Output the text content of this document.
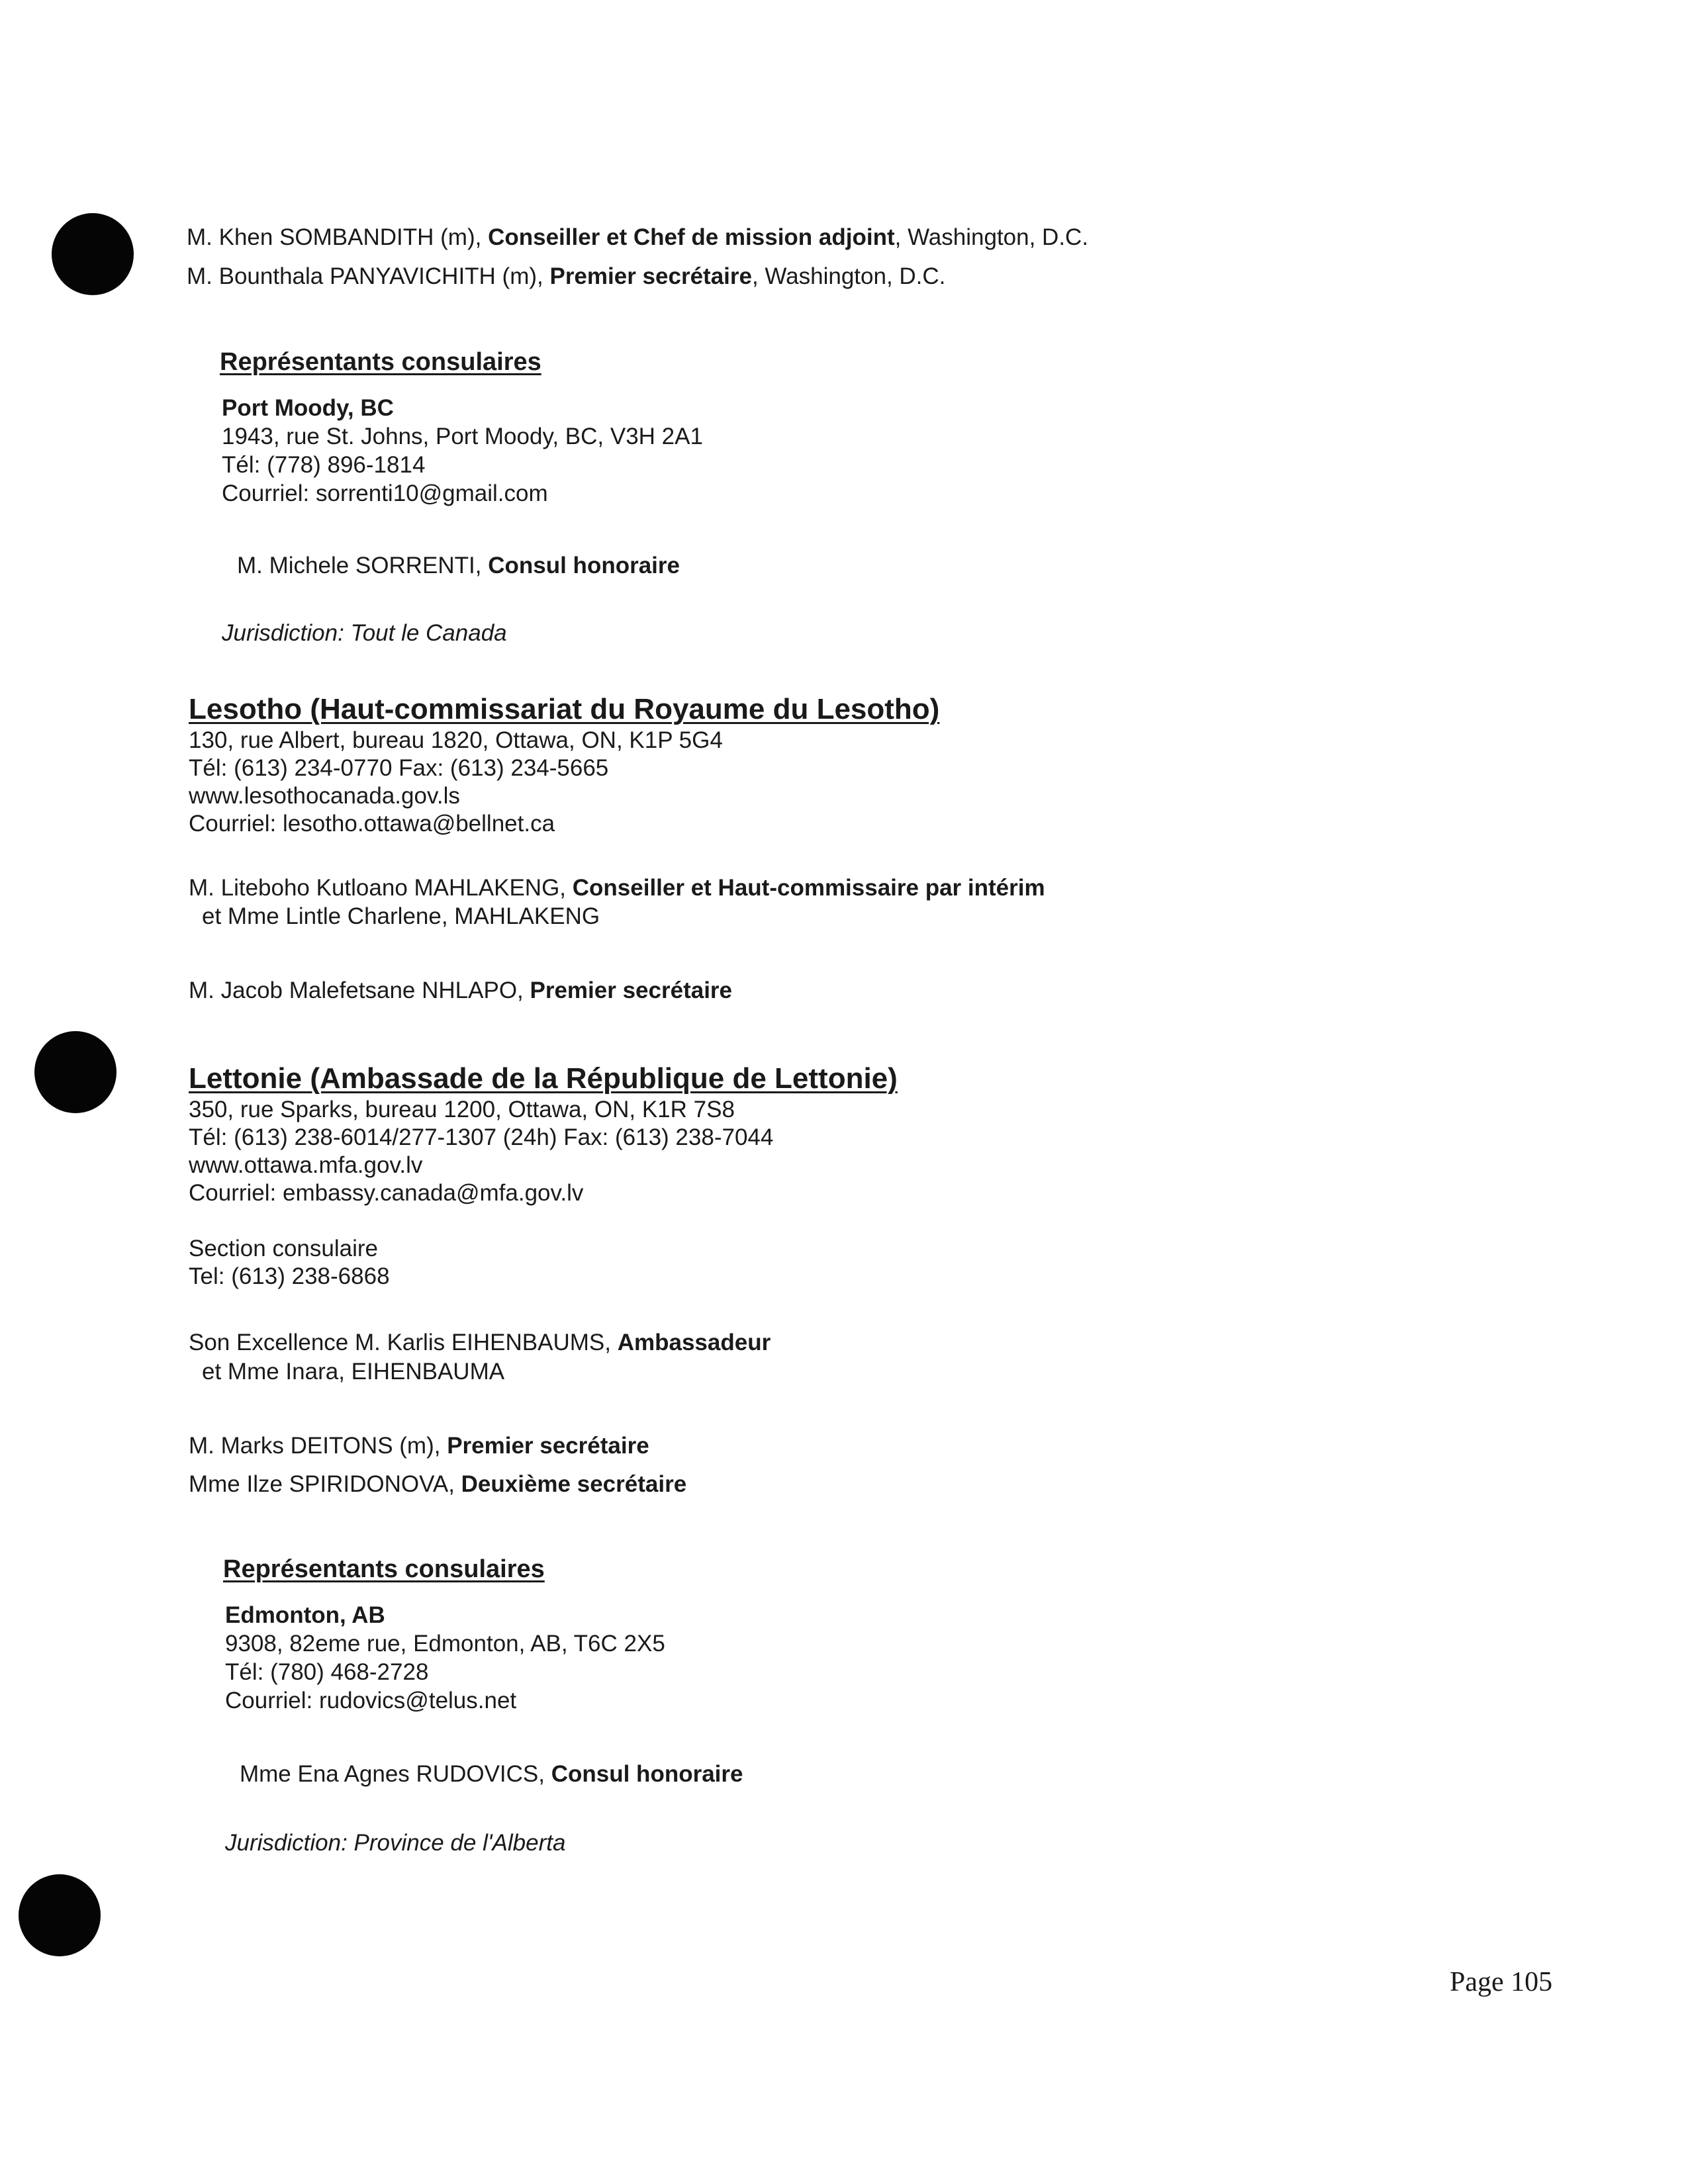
M. Khen SOMBANDITH (m), Conseiller et Chef de mission adjoint, Washington, D.C.
M. Bounthala PANYAVICHITH (m), Premier secrétaire, Washington, D.C.
Représentants consulaires
Port Moody, BC
1943, rue St. Johns, Port Moody, BC, V3H 2A1
Tél: (778) 896-1814
Courriel: sorrenti10@gmail.com
M. Michele SORRENTI, Consul honoraire
Jurisdiction: Tout le Canada
Lesotho (Haut-commissariat du Royaume du Lesotho)
130, rue Albert, bureau 1820, Ottawa, ON, K1P 5G4
Tél: (613) 234-0770 Fax: (613) 234-5665
www.lesothocanada.gov.ls
Courriel: lesotho.ottawa@bellnet.ca
M. Liteboho Kutloano MAHLAKENG, Conseiller et Haut-commissaire par intérim
et Mme Lintle Charlene, MAHLAKENG
M. Jacob Malefetsane NHLAPO, Premier secrétaire
Lettonie (Ambassade de la République de Lettonie)
350, rue Sparks, bureau 1200, Ottawa, ON, K1R 7S8
Tél: (613) 238-6014/277-1307 (24h) Fax: (613) 238-7044
www.ottawa.mfa.gov.lv
Courriel: embassy.canada@mfa.gov.lv
Section consulaire
Tel: (613) 238-6868
Son Excellence M. Karlis EIHENBAUMS, Ambassadeur
et Mme Inara, EIHENBAUMA
M. Marks DEITONS (m), Premier secrétaire
Mme Ilze SPIRIDONOVA, Deuxième secrétaire
Représentants consulaires
Edmonton, AB
9308, 82eme rue, Edmonton, AB, T6C 2X5
Tél: (780) 468-2728
Courriel: rudovics@telus.net
Mme Ena Agnes RUDOVICS, Consul honoraire
Jurisdiction: Province de l'Alberta
Page 105
